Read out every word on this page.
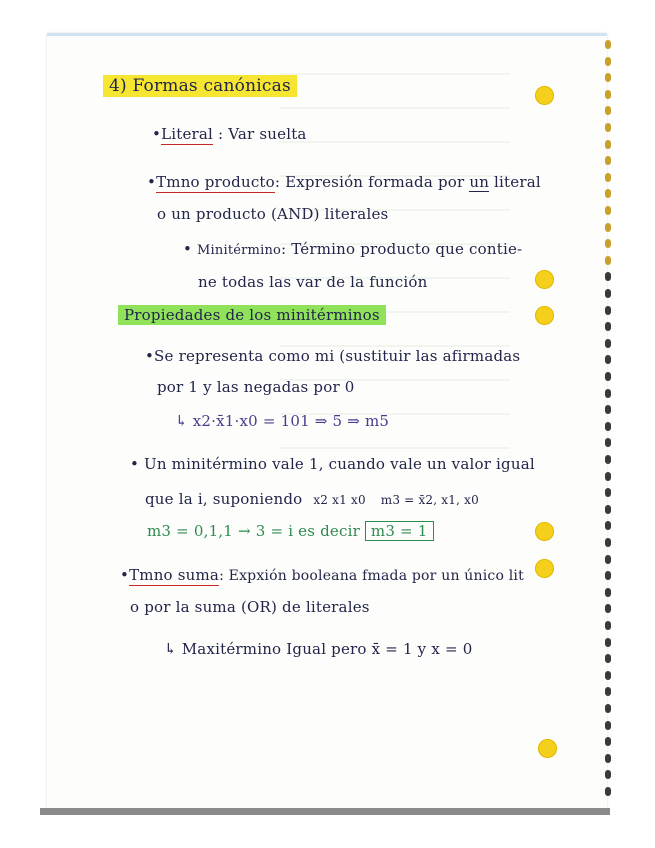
4) Formas canónicas
•Literal : Var suelta
•Tmno producto: Expresión formada por un literal
o un producto (AND) literales
• Minitérmino: Término producto que contie-
ne todas las var de la función
Propiedades de los minitérminos
•Se representa como mi (sustituir las afirmadas
por 1 y las negadas por 0
↳ x2·x̄1·x0 = 101 ⇒ 5 ⇒ m5
• Un minitérmino vale 1, cuando vale un valor igual
que la i, suponiendo x2 x1 x0 m3 = x̄2, x1, x0
m3 = 0,1,1 → 3 = i es decir m3 = 1
•Tmno suma: Expxión booleana fmada por un único lit
o por la suma (OR) de literales
↳ Maxitérmino Igual pero x̄ = 1 y x = 0
